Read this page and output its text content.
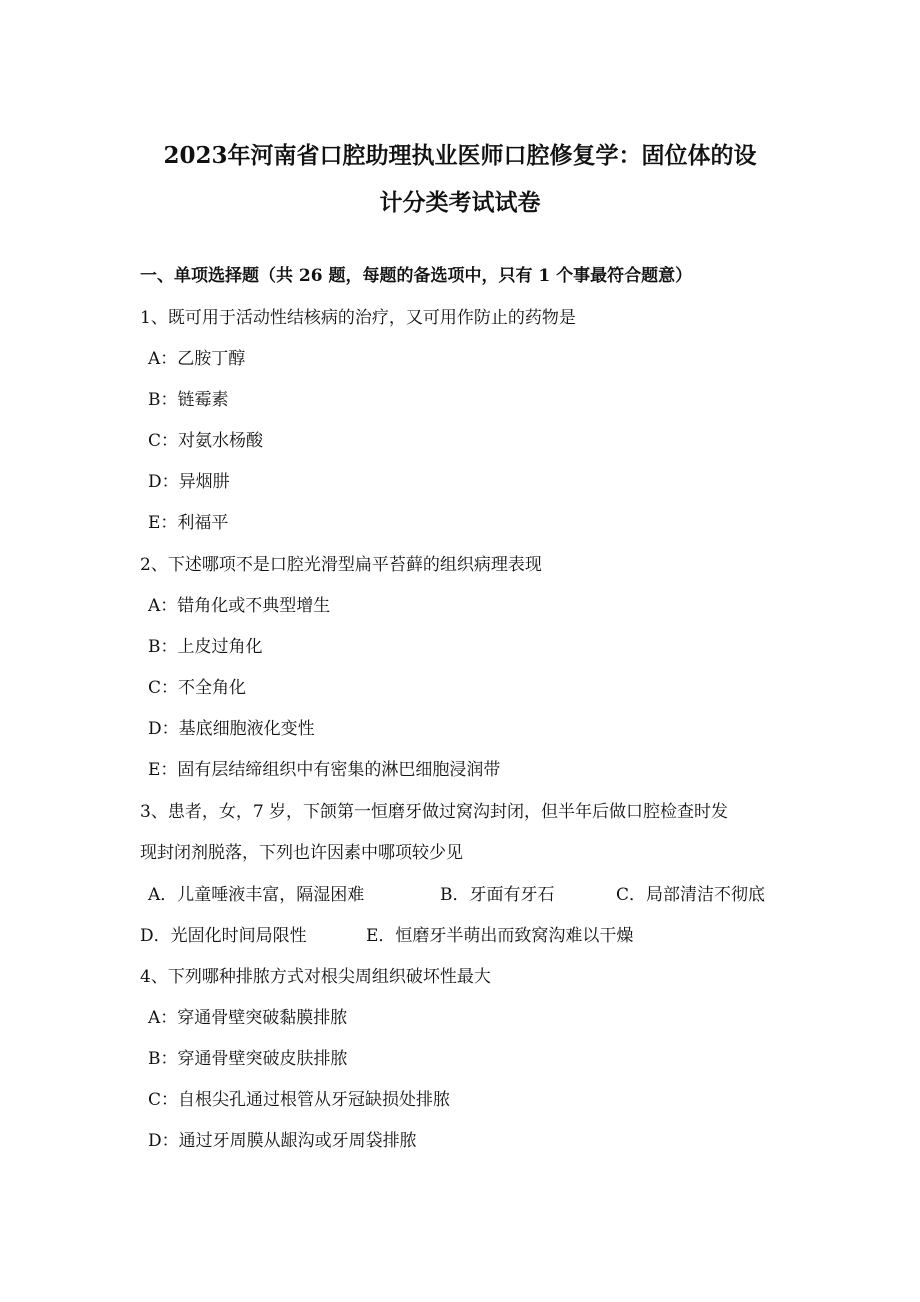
2023年河南省口腔助理执业医师口腔修复学：固位体的设
计分类考试试卷
一、单项选择题（共 26 题，每题的备选项中，只有 1 个事最符合题意）
1、既可用于活动性结核病的治疗，又可用作防止的药物是
A：乙胺丁醇
B：链霉素
C：对氨水杨酸
D：异烟肼
E：利福平
2、下述哪项不是口腔光滑型扁平苔藓的组织病理表现
A：错角化或不典型增生
B：上皮过角化
C：不全角化
D：基底细胞液化变性
E：固有层结缔组织中有密集的淋巴细胞浸润带
3、患者，女，7 岁，下颌第一恒磨牙做过窝沟封闭，但半年后做口腔检查时发
现封闭剂脱落，下列也许因素中哪项较少见
A．儿童唾液丰富，隔湿困难	B．牙面有牙石	C．局部清洁不彻底
D．光固化时间局限性	E．恒磨牙半萌出而致窝沟难以干燥
4、下列哪种排脓方式对根尖周组织破坏性最大
A：穿通骨壁突破黏膜排脓
B：穿通骨壁突破皮肤排脓
C：自根尖孔通过根管从牙冠缺损处排脓
D：通过牙周膜从龈沟或牙周袋排脓
